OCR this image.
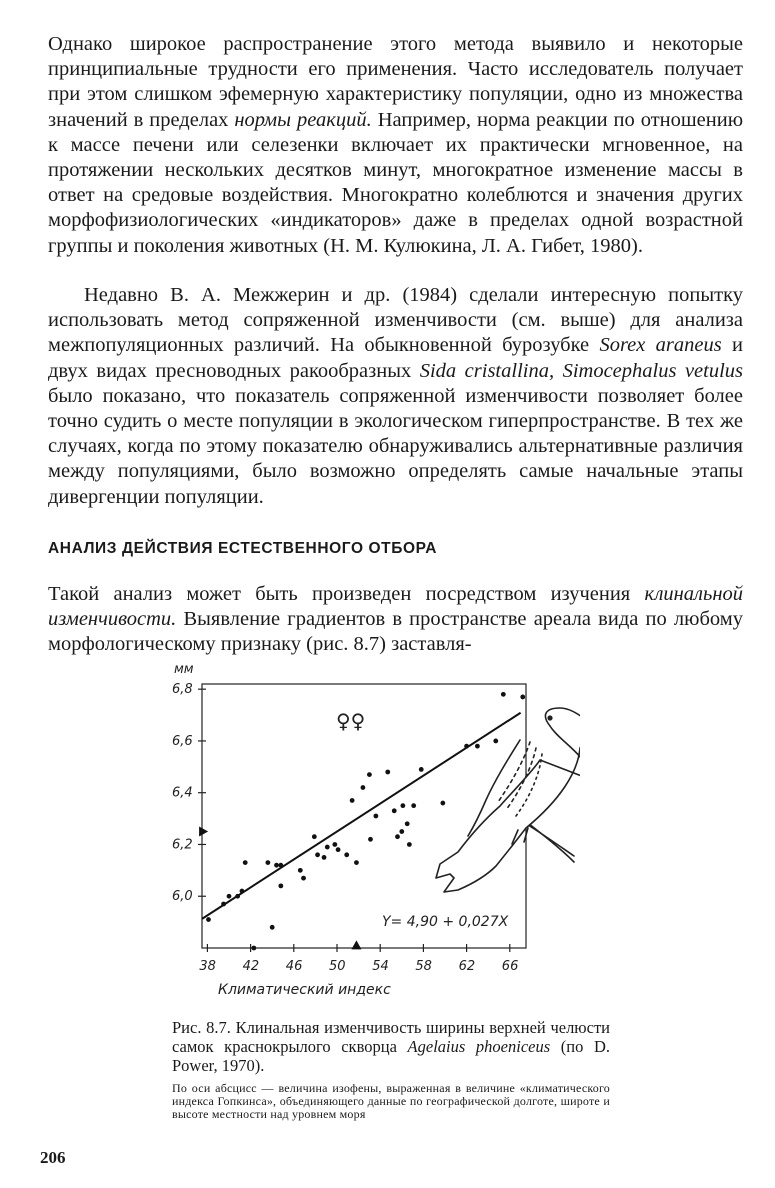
Однако широкое распространение этого метода выявило и некоторые принципиальные трудности его применения. Часто исследователь получает при этом слишком эфемерную характеристику популяции, одно из множества значений в пределах нормы реакций. Например, норма реакции по отношению к массе печени или селезенки включает их практически мгновенное, на протяжении нескольких десятков минут, многократное изменение массы в ответ на средовые воздействия. Многократно колеблются и значения других морфофизиологических «индикаторов» даже в пределах одной возрастной группы и поколения животных (Н. М. Кулюкина, Л. А. Гибет, 1980).

Недавно В. А. Межжерин и др. (1984) сделали интересную попытку использовать метод сопряженной изменчивости (см. выше) для анализа межпопуляционных различий. На обыкновенной бурозубке Sorex araneus и двух видах пресноводных ракообразных Sida cristallina, Simocephalus vetulus было показано, что показатель сопряженной изменчивости позволяет более точно судить о месте популяции в экологическом гиперпространстве. В тех же случаях, когда по этому показателю обнаруживались альтернативные различия между популяциями, было возможно определять самые начальные этапы дивергенции популяции.

АНАЛИЗ ДЕЙСТВИЯ ЕСТЕСТВЕННОГО ОТБОРА

Такой анализ может быть произведен посредством изучения клинальной изменчивости. Выявление градиентов в пространстве ареала вида по любому морфологическому признаку (рис. 8.7) заставля-

мм
6,0
6,2
6,4
6,6
6,8
38 42 46 50 54 58 62 66
♀♀
Y= 4,90 + 0,027X
Климатический индекс

Рис. 8.7. Клинальная изменчивость ширины верхней челюсти самок краснокрылого скворца Agelaius phoeniceus (по D. Power, 1970).

По оси абсцисс — величина изофены, выраженная в величине «климатического индекса Гопкинса», объединяющего данные по географической долготе, широте и высоте местности над уровнем моря

206
